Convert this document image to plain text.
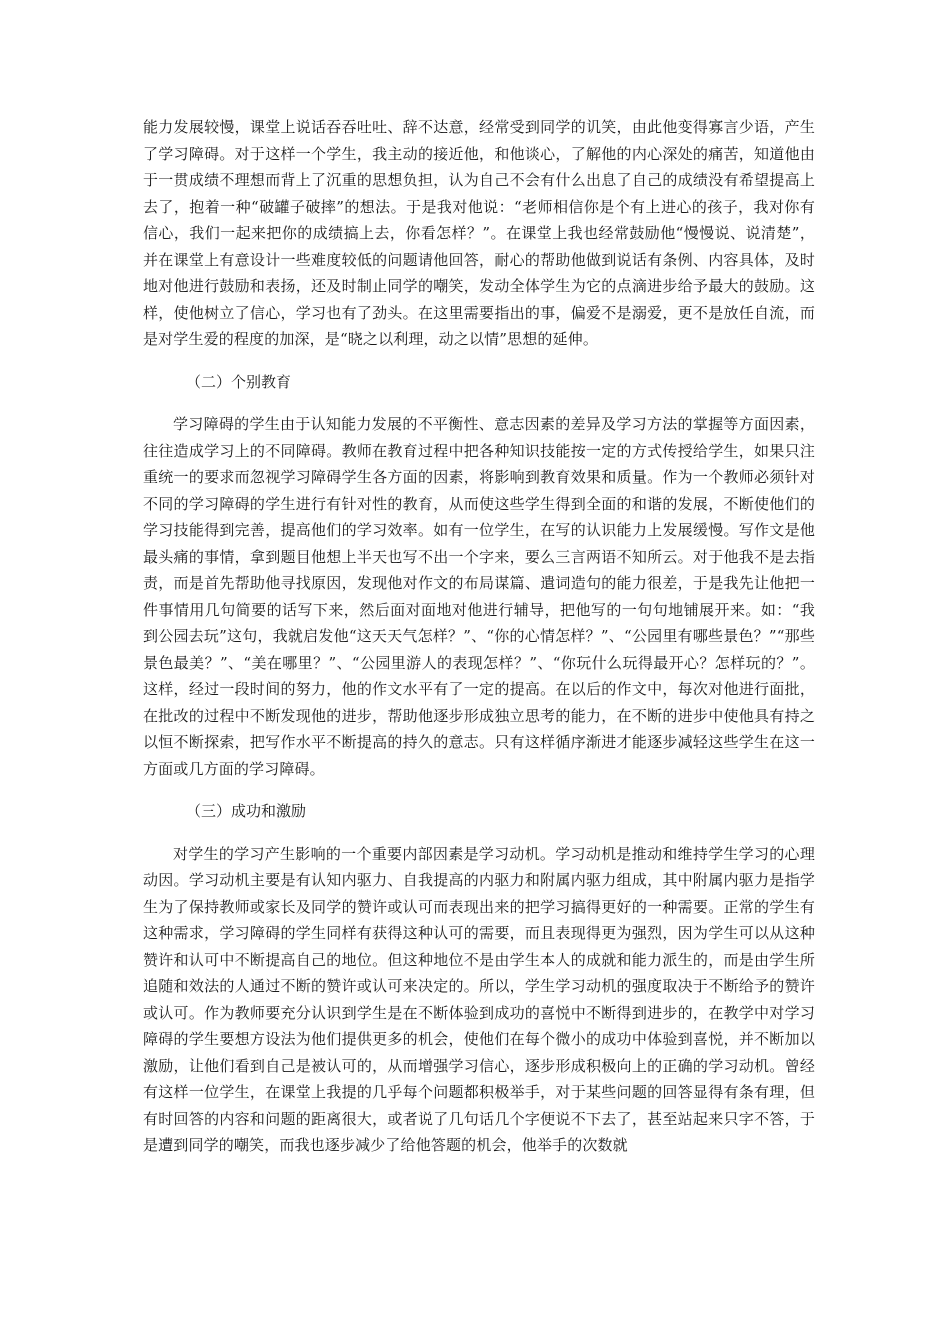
能力发展较慢，课堂上说话吞吞吐吐、辞不达意，经常受到同学的讥笑，由此他变得寡言少语，产生了学习障碍。对于这样一个学生，我主动的接近他，和他谈心，了解他的内心深处的痛苦，知道他由于一贯成绩不理想而背上了沉重的思想负担，认为自己不会有什么出息了自己的成绩没有希望提高上去了，抱着一种“破罐子破摔”的想法。于是我对他说：“老师相信你是个有上进心的孩子，我对你有信心，我们一起来把你的成绩搞上去，你看怎样？”。在课堂上我也经常鼓励他“慢慢说、说清楚”，并在课堂上有意设计一些难度较低的问题请他回答，耐心的帮助他做到说话有条例、内容具体，及时地对他进行鼓励和表扬，还及时制止同学的嘲笑，发动全体学生为它的点滴进步给予最大的鼓励。这样，使他树立了信心，学习也有了劲头。在这里需要指出的事，偏爱不是溺爱，更不是放任自流，而是对学生爱的程度的加深，是“晓之以利理，动之以情”思想的延伸。

（二）个别教育

学习障碍的学生由于认知能力发展的不平衡性、意志因素的差异及学习方法的掌握等方面因素，往往造成学习上的不同障碍。教师在教育过程中把各种知识技能按一定的方式传授给学生，如果只注重统一的要求而忽视学习障碍学生各方面的因素，将影响到教育效果和质量。作为一个教师必须针对不同的学习障碍的学生进行有针对性的教育，从而使这些学生得到全面的和谐的发展，不断使他们的学习技能得到完善，提高他们的学习效率。如有一位学生，在写的认识能力上发展缓慢。写作文是他最头痛的事情，拿到题目他想上半天也写不出一个字来，要么三言两语不知所云。对于他我不是去指责，而是首先帮助他寻找原因，发现他对作文的布局谋篇、遣词造句的能力很差，于是我先让他把一件事情用几句简要的话写下来，然后面对面地对他进行辅导，把他写的一句句地铺展开来。如：“我到公园去玩”这句，我就启发他“这天天气怎样？”、“你的心情怎样？”、“公园里有哪些景色？”“那些景色最美？”、“美在哪里？”、“公园里游人的表现怎样？”、“你玩什么玩得最开心？怎样玩的？”。这样，经过一段时间的努力，他的作文水平有了一定的提高。在以后的作文中，每次对他进行面批，在批改的过程中不断发现他的进步，帮助他逐步形成独立思考的能力，在不断的进步中使他具有持之以恒不断探索，把写作水平不断提高的持久的意志。只有这样循序渐进才能逐步减轻这些学生在这一方面或几方面的学习障碍。

（三）成功和激励

对学生的学习产生影响的一个重要内部因素是学习动机。学习动机是推动和维持学生学习的心理动因。学习动机主要是有认知内驱力、自我提高的内驱力和附属内驱力组成，其中附属内驱力是指学生为了保持教师或家长及同学的赞许或认可而表现出来的把学习搞得更好的一种需要。正常的学生有这种需求，学习障碍的学生同样有获得这种认可的需要，而且表现得更为强烈，因为学生可以从这种赞许和认可中不断提高自己的地位。但这种地位不是由学生本人的成就和能力派生的，而是由学生所追随和效法的人通过不断的赞许或认可来决定的。所以，学生学习动机的强度取决于不断给予的赞许或认可。作为教师要充分认识到学生是在不断体验到成功的喜悦中不断得到进步的，在教学中对学习障碍的学生要想方设法为他们提供更多的机会，使他们在每个微小的成功中体验到喜悦，并不断加以激励，让他们看到自己是被认可的，从而增强学习信心，逐步形成积极向上的正确的学习动机。曾经有这样一位学生，在课堂上我提的几乎每个问题都积极举手，对于某些问题的回答显得有条有理，但有时回答的内容和问题的距离很大，或者说了几句话几个字便说不下去了，甚至站起来只字不答，于是遭到同学的嘲笑，而我也逐步减少了给他答题的机会，他举手的次数就
